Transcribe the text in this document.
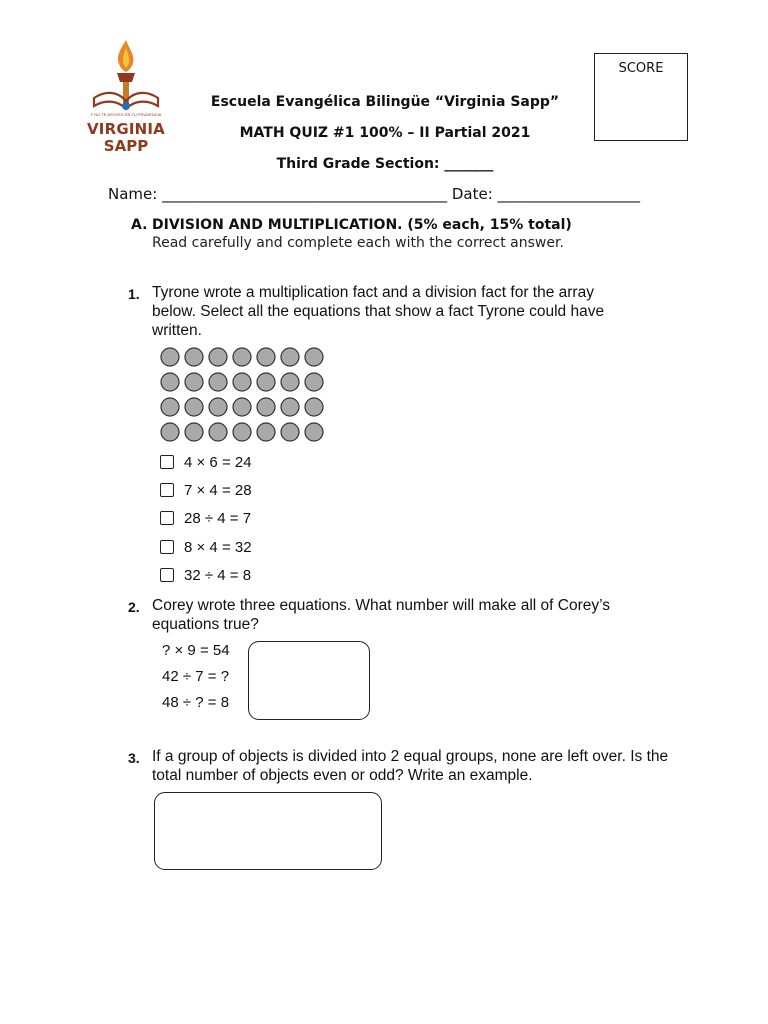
Y NO TE APOYES EN TU PRUDENCIA
VIRGINIA
SAPP
Escuela Evangélica Bilingüe “Virginia Sapp”
MATH QUIZ #1 100% – II Partial 2021
Third Grade Section: _______
SCORE
Name: ______________________________________ Date: ___________________
A. DIVISION AND MULTIPLICATION. (5% each, 15% total)
Read carefully and complete each with the correct answer.
1. Tyrone wrote a multiplication fact and a division fact for the array
below. Select all the equations that show a fact Tyrone could have
written.
4 × 6 = 24
7 × 4 = 28
28 ÷ 4 = 7
8 × 4 = 32
32 ÷ 4 = 8
2. Corey wrote three equations. What number will make all of Corey’s
equations true?
? × 9 = 54
42 ÷ 7 = ?
48 ÷ ? = 8
3. If a group of objects is divided into 2 equal groups, none are left over. Is the
total number of objects even or odd? Write an example.
